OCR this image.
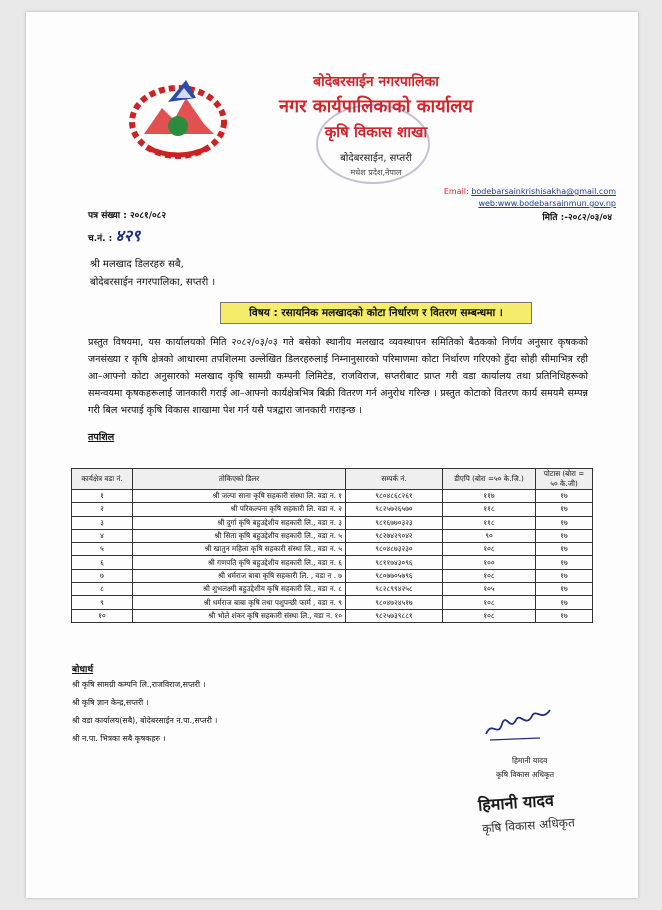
बोदेबरसाईन नगरपालिका
नगर कार्यपालिकाको कार्यालय
कृषि विकास शाखा
बोदेबरसाईन, सप्तरी
मधेश प्रदेश,नेपाल
Email: bodebarsainkrishisakha@gmail.com
web:www.bodebarsainmun.gov.np
पत्र संख्या : २०८१/०८२
च.नं. : ४२९
मिति :-२०८२/०३/०४
श्री मलखाद डिलरहरु सबै,
बोदेबरसाईन नगरपालिका, सप्तरी ।
विषय : रसायनिक मलखादको कोटा निर्धारण र वितरण सम्बन्धमा ।
प्रस्तुत विषयमा, यस कार्यालयको मिति २०८२/०३/०३ गते बसेको स्थानीय मलखाद व्यवस्थापन समितिको बैठकको निर्णय अनुसार कृषकको जनसंख्या र कृषि क्षेत्रको आधारमा तपशिलमा उल्लेखित डिलरहरुलाई निम्नानुसारको परिमाणमा कोटा निर्धारण गरिएको हुँदा सोही सीमाभित्र रही आ–आफ्नो कोटा अनुसारको मलखाद कृषि सामग्री कम्पनी लिमिटेड, राजविराज, सप्तरीबाट प्राप्त गरी वडा कार्यालय तथा प्रतिनिधिहरूको समन्वयमा कृषकहरूलाई जानकारी गराई आ–आफ्नो कार्यक्षेत्रभित्र बिक्री वितरण गर्न अनुरोध गरिन्छ । प्रस्तुत कोटाको वितरण कार्य समयमै सम्पन्न गरी बिल भरपाई कृषि विकास शाखामा पेश गर्न यसै पत्रद्वारा जानकारी गराइन्छ ।
तपशिल
कार्यक्षेत्र वडा नं.	तोकिएको डिलर	सम्पर्क नं.	डीएपि (बोरा =५० के.जि.)	पोटास (बोरा = ५० के.जी)
१	श्री जल्पा साना कृषि सहकारी संस्था लि. वडा न. १	९८०४८६८२६१	११७	१७
२	श्री परिकल्पना कृषि सहकारी लि. वडा न. २	९८२५७२६५७०	११८	१७
३	श्री दुर्गा कृषि बहुउद्देशीय सहकारी लि., वडा न. ३	९८१६७७०३२३	११८	१७
४	श्री सिता कृषि बहुउद्देशीय सहकारी लि., वडा न. ५	९८२७४२९०४२	९०	१७
५	श्री खातुन महिला कृषि सहकारी संस्था लि., वडा न. ५	९८०४८७३२३०	१०८	१७
६	श्री गणपति कृषि बहुउद्देशीय सहकारी लि., वडा न. ६	९८११७४३०९६	१००	१७
७	श्री धर्मराज बाबा कृषि सहकारी लि. , वडा न . ७	९८०७७०५७९६	१०८	१७
८	श्री शुभलक्ष्मी बहुउद्देशीय कृषि सहकारी लि., वडा न. ८	९८२८९९४२५८	१०५	१७
९	श्री धर्मराज बाबा कृषि तथा पशुपन्छी फार्म , वडा न. ९	९८०४७२४५१७	१०८	१७
१०	श्री भोले शंकर कृषि सहकारी संस्था लि., वडा न. १०	९८२५७३९८८१	१०८	१७
बोधार्थ
श्री कृषि सामग्री कम्पनि लि.,राजविराज,सप्तरी ।
श्री कृषि ज्ञान केन्द्र,सप्तरी ।
श्री वडा कार्यालय(सबै), बोदेबरसाईन न.पा.,सप्तरी ।
श्री न.पा. भित्रका सबै कृषकहरु ।
हिमानी यादव
कृषि विकास अधिकृत
हिमानी यादव
कृषि विकास अधिकृत
